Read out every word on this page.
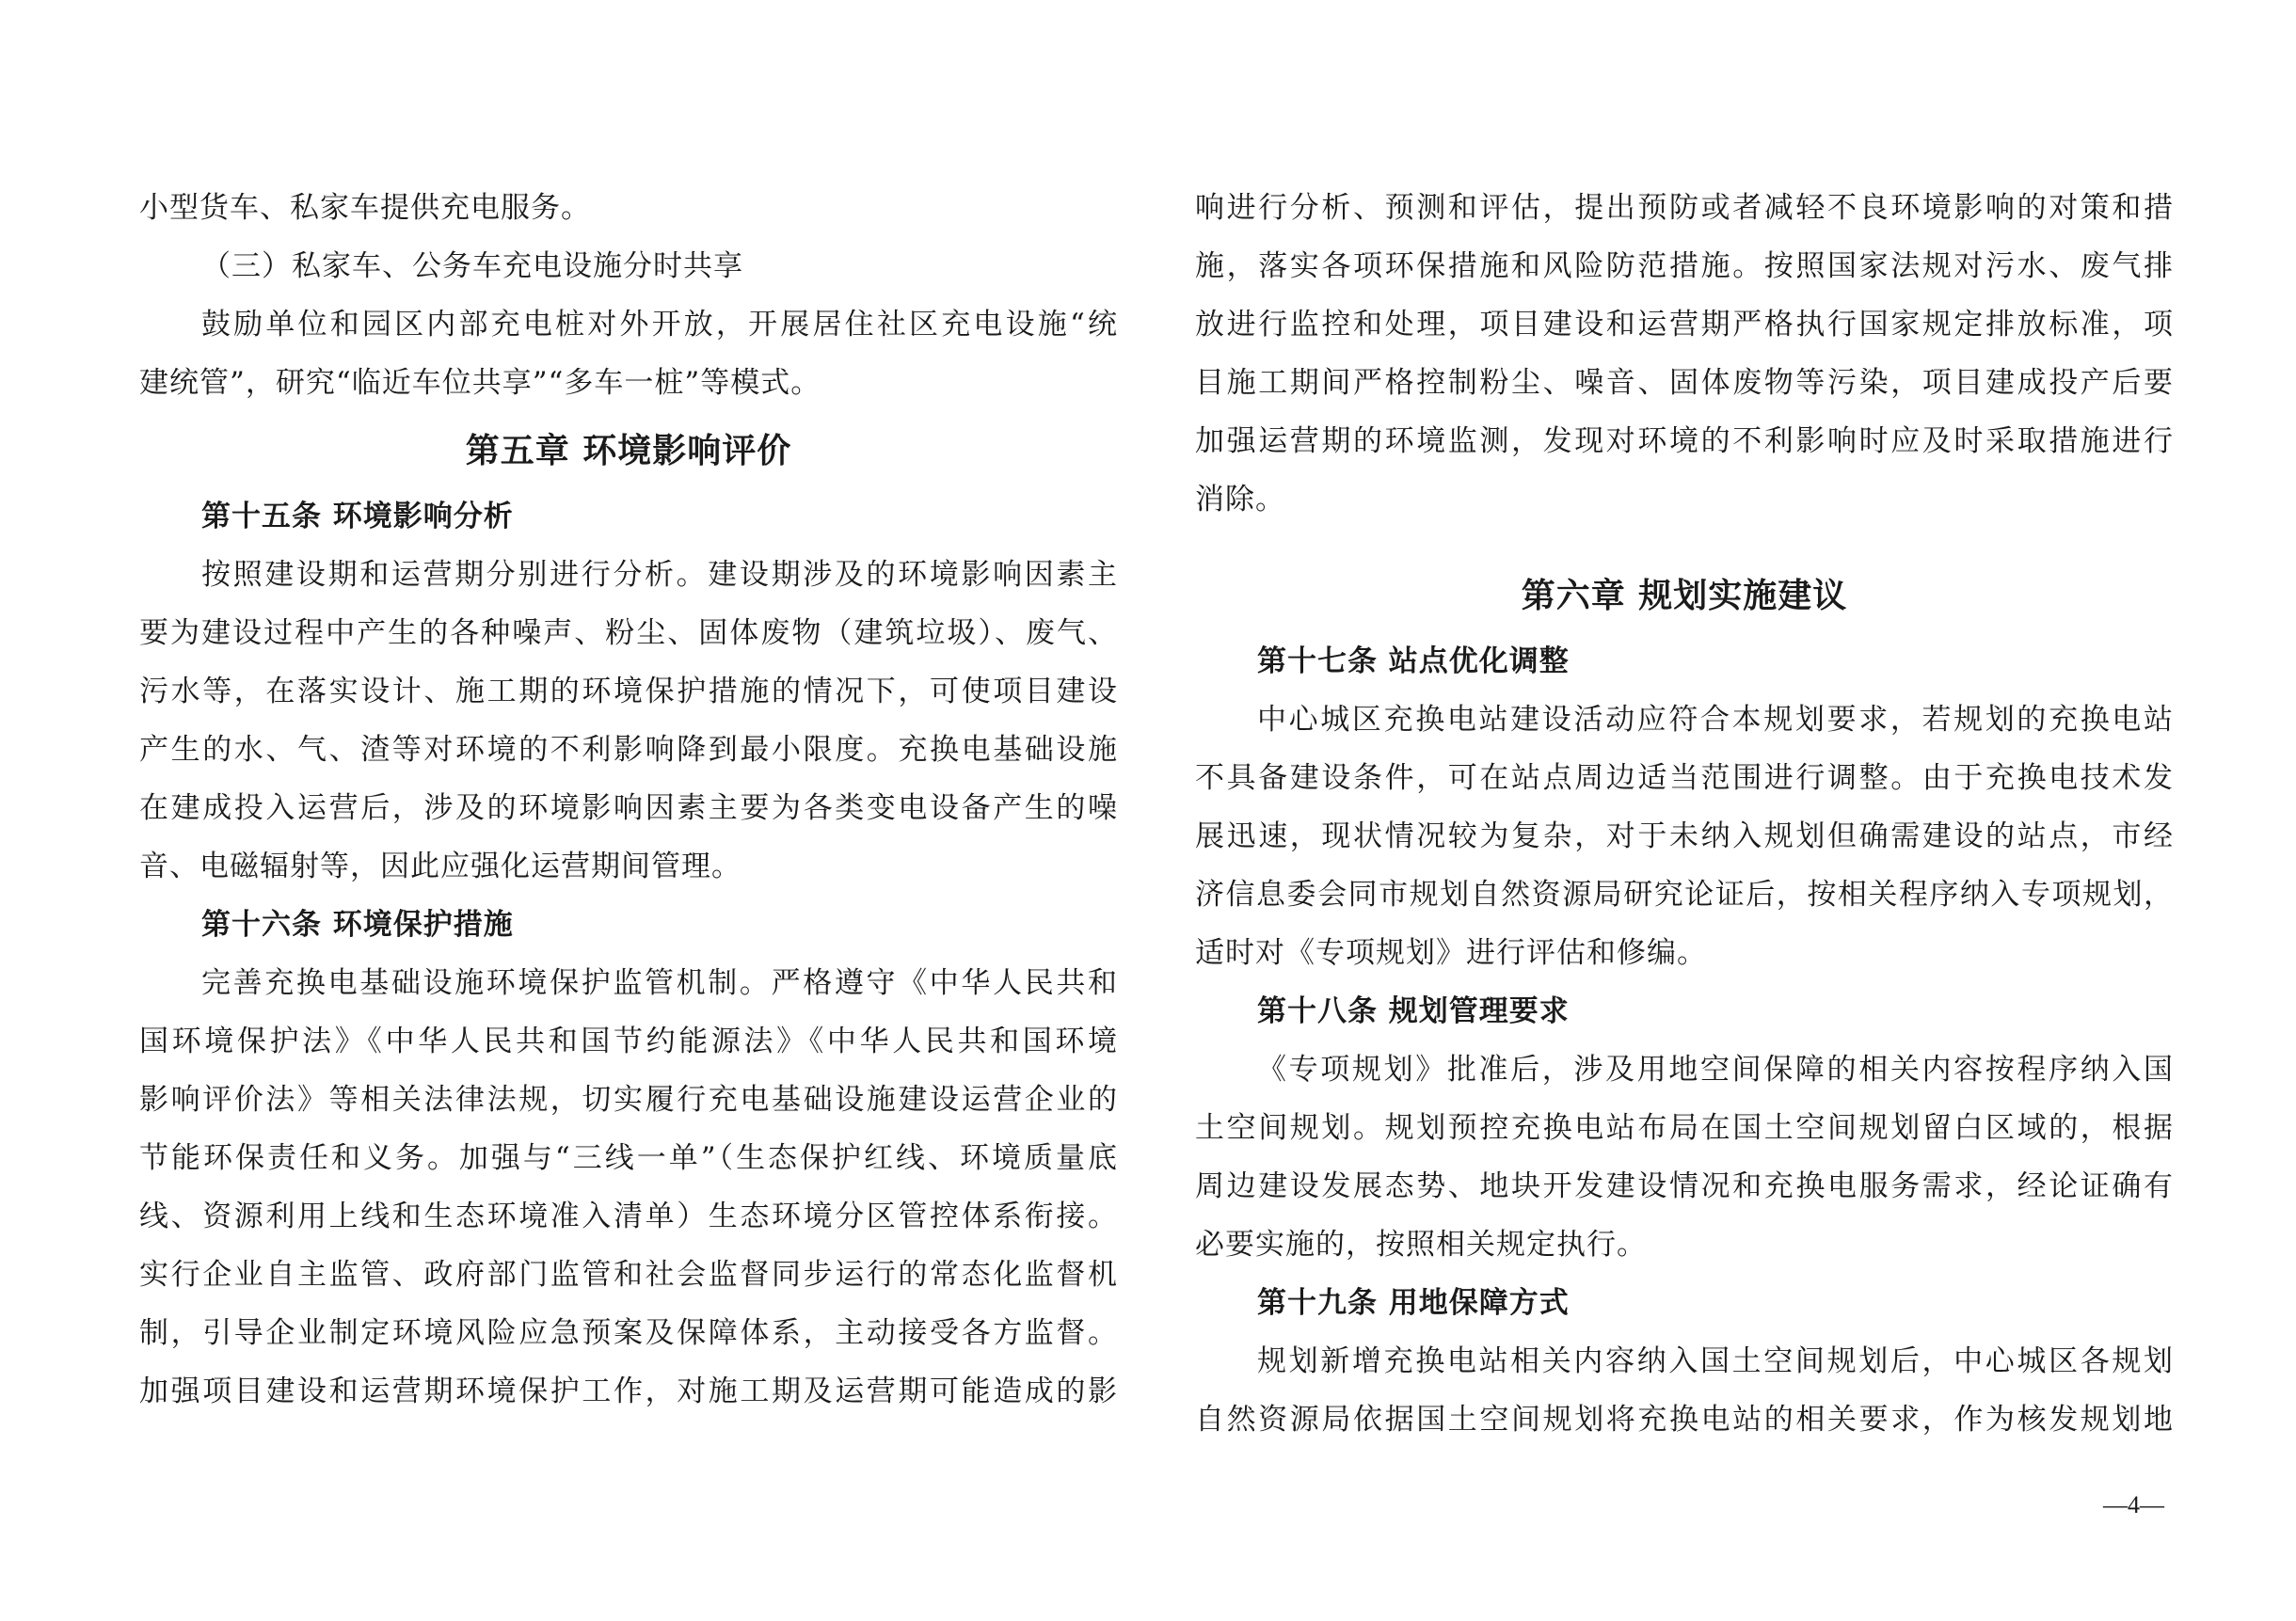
小型货车、私家车提供充电服务。
（三）私家车、公务车充电设施分时共享
鼓励单位和园区内部充电桩对外开放，开展居住社区充电设施“统
建统管”，研究“临近车位共享”“多车一桩”等模式。
第五章 环境影响评价
第十五条 环境影响分析
按照建设期和运营期分别进行分析。建设期涉及的环境影响因素主
要为建设过程中产生的各种噪声、粉尘、固体废物（建筑垃圾）、废气、
污水等，在落实设计、施工期的环境保护措施的情况下，可使项目建设
产生的水、气、渣等对环境的不利影响降到最小限度。充换电基础设施
在建成投入运营后，涉及的环境影响因素主要为各类变电设备产生的噪
音、电磁辐射等，因此应强化运营期间管理。
第十六条 环境保护措施
完善充换电基础设施环境保护监管机制。严格遵守《中华人民共和
国环境保护法》《中华人民共和国节约能源法》《中华人民共和国环境
影响评价法》等相关法律法规，切实履行充电基础设施建设运营企业的
节能环保责任和义务。加强与“三线一单”（生态保护红线、环境质量底
线、资源利用上线和生态环境准入清单）生态环境分区管控体系衔接。
实行企业自主监管、政府部门监管和社会监督同步运行的常态化监督机
制，引导企业制定环境风险应急预案及保障体系，主动接受各方监督。
加强项目建设和运营期环境保护工作，对施工期及运营期可能造成的影
响进行分析、预测和评估，提出预防或者减轻不良环境影响的对策和措
施，落实各项环保措施和风险防范措施。按照国家法规对污水、废气排
放进行监控和处理，项目建设和运营期严格执行国家规定排放标准，项
目施工期间严格控制粉尘、噪音、固体废物等污染，项目建成投产后要
加强运营期的环境监测，发现对环境的不利影响时应及时采取措施进行
消除。
第六章 规划实施建议
第十七条 站点优化调整
中心城区充换电站建设活动应符合本规划要求，若规划的充换电站
不具备建设条件，可在站点周边适当范围进行调整。由于充换电技术发
展迅速，现状情况较为复杂，对于未纳入规划但确需建设的站点，市经
济信息委会同市规划自然资源局研究论证后，按相关程序纳入专项规划，
适时对《专项规划》进行评估和修编。
第十八条 规划管理要求
《专项规划》批准后，涉及用地空间保障的相关内容按程序纳入国
土空间规划。规划预控充换电站布局在国土空间规划留白区域的，根据
周边建设发展态势、地块开发建设情况和充换电服务需求，经论证确有
必要实施的，按照相关规定执行。
第十九条 用地保障方式
规划新增充换电站相关内容纳入国土空间规划后，中心城区各规划
自然资源局依据国土空间规划将充换电站的相关要求，作为核发规划地
—4—
